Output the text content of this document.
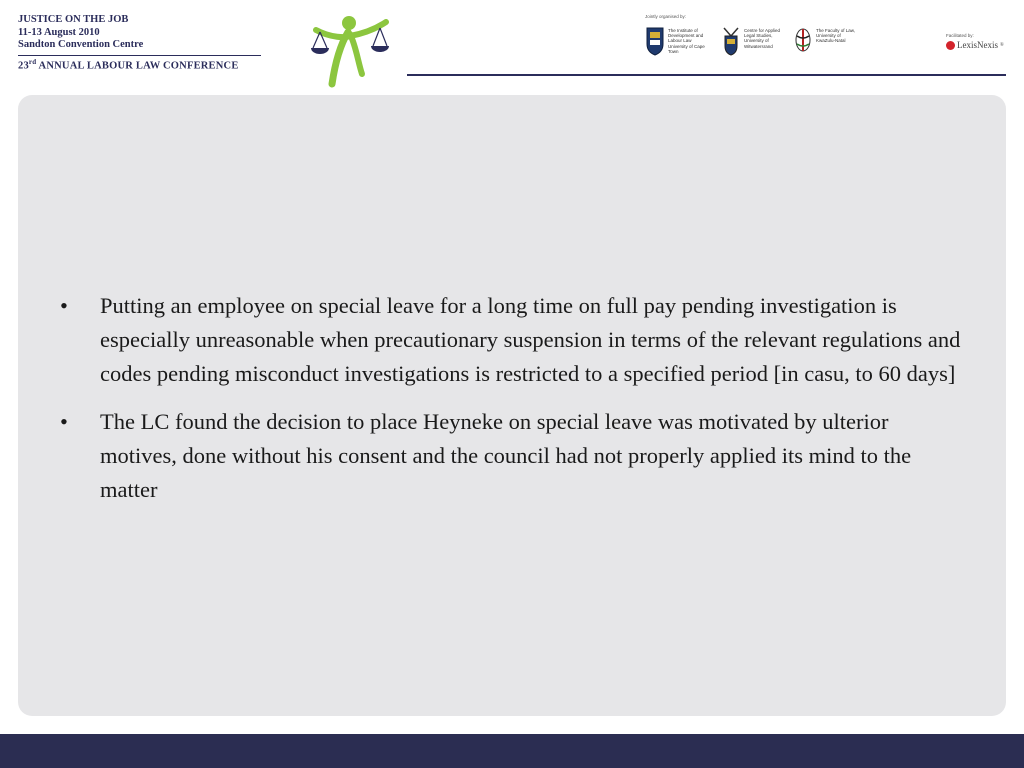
JUSTICE ON THE JOB
11-13 August 2010
Sandton Convention Centre
23rd ANNUAL LABOUR LAW CONFERENCE
Jointly organised by:
The Institute of Development and Labour Law University of Cape Town
Centre for Applied Legal Studies, University of Witwatersrand
The Faculty of Law, University of KwaZulu-Natal
Facilitated by:
LexisNexis ®
• Putting an employee on special leave for a long time on full pay pending investigation is especially unreasonable when precautionary suspension in terms of the relevant regulations and codes pending misconduct investigations is restricted to a specified period [in casu, to 60 days]
• The LC found the decision to place Heyneke on special leave was motivated by ulterior motives, done without his consent and the council had not properly applied its mind to the matter
